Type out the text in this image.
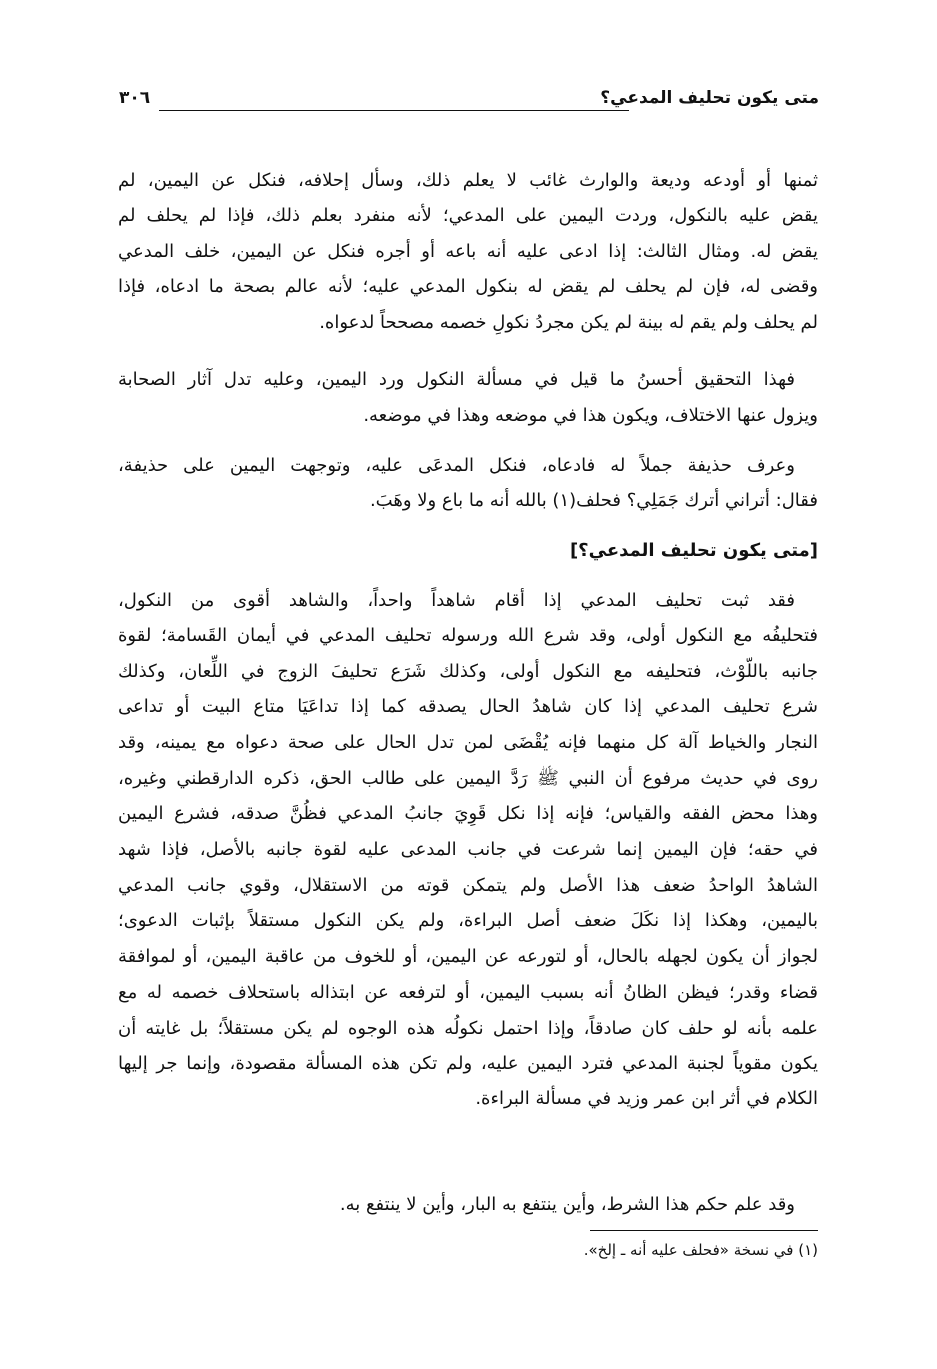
متى يكون تحليف المدعي؟
٣٠٦
ثمنها أو أودعه وديعة والوارث غائب لا يعلم ذلك، وسأل إحلافه، فنكل عن اليمين، لم
يقض عليه بالنكول، وردت اليمين على المدعي؛ لأنه منفرد بعلم ذلك، فإذا لم يحلف لم
يقض له. ومثال الثالث: إذا ادعى عليه أنه باعه أو أجره فنكل عن اليمين، خلف المدعي
وقضى له، فإن لم يحلف لم يقض له بنكول المدعي عليه؛ لأنه عالم بصحة ما ادعاه، فإذا
لم يحلف ولم يقم له بينة لم يكن مجردُ نكولِ خصمه مصححاً لدعواه.
فهذا التحقيق أحسنُ ما قيل في مسألة النكول ورد اليمين، وعليه تدل آثار الصحابة
ويزول عنها الاختلاف، ويكون هذا في موضعه وهذا في موضعه.
وعرف حذيفة جملاً له فادعاه، فنكل المدعَى عليه، وتوجهت اليمين على حذيفة،
فقال: أتراني أترك جَمَلِي؟ فحلف(١) بالله أنه ما باع ولا وهَبَ.
[متى يكون تحليف المدعي؟]
فقد ثبت تحليف المدعي إذا أقام شاهداً واحداً، والشاهد أقوى من النكول،
فتحليفُه مع النكول أولى، وقد شرع الله ورسوله تحليف المدعي في أيمان القَسامة؛ لقوة
جانبه باللّوْث، فتحليفه مع النكول أولى، وكذلك شَرَع تحليفَ الزوج في اللِّعان، وكذلك
شرع تحليف المدعي إذا كان شاهدُ الحال يصدقه كما إذا تداعَيَا متاع البيت أو تداعى
النجار والخياط آلة كل منهما فإنه يُقْضَى لمن تدل الحال على صحة دعواه مع يمينه، وقد
روى في حديث مرفوع أن النبي ﷺ رَدَّ اليمين على طالب الحق، ذكره الدارقطني وغيره،
وهذا محض الفقه والقياس؛ فإنه إذا نكل قَوِيَ جانبُ المدعي فظُنَّ صدقه، فشرع اليمين
في حقه؛ فإن اليمين إنما شرعت في جانب المدعى عليه لقوة جانبه بالأصل، فإذا شهد
الشاهدُ الواحدُ ضعف هذا الأصل ولم يتمكن قوته من الاستقلال، وقوي جانب المدعي
باليمين، وهكذا إذا نكَلَ ضعف أصل البراءة، ولم يكن النكول مستقلاً بإثبات الدعوى؛
لجواز أن يكون لجهله بالحال، أو لتورعه عن اليمين، أو للخوف من عاقبة اليمين، أو لموافقة
قضاء وقدر؛ فيظن الظانُ أنه بسبب اليمين، أو لترفعه عن ابتذاله باستحلاف خصمه له مع
علمه بأنه لو حلف كان صادقاً، وإذا احتمل نكولُه هذه الوجوه لم يكن مستقلاً؛ بل غايته أن
يكون مقوياً لجنبة المدعي فترد اليمين عليه، ولم تكن هذه المسألة مقصودة، وإنما جر إليها
الكلام في أثر ابن عمر وزيد في مسألة البراءة.
وقد علم حكم هذا الشرط، وأين ينتفع به البار، وأين لا ينتفع به.
(١) في نسخة «فحلف عليه أنه ـ إلخ».
